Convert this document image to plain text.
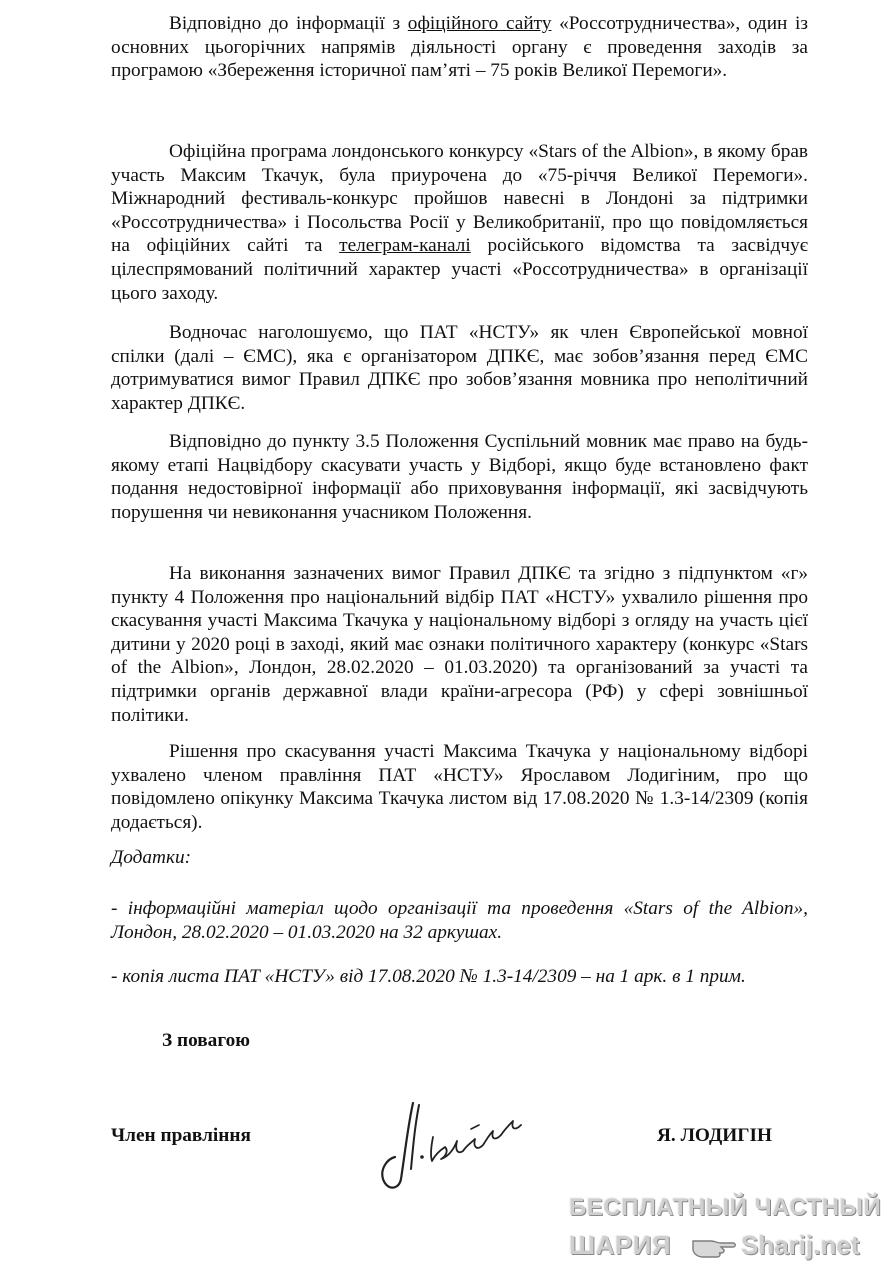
Відповідно до інформації з офіційного сайту «Россотрудничества», один із основних цьогорічних напрямів діяльності органу є проведення заходів за програмою «Збереження історичної пам’яті – 75 років Великої Перемоги».

Офіційна програма лондонського конкурсу «Stars of the Albion», в якому брав участь Максим Ткачук, була приурочена до «75-річчя Великої Перемоги». Міжнародний фестиваль-конкурс пройшов навесні в Лондоні за підтримки «Россотрудничества» і Посольства Росії у Великобританії, про що повідомляється на офіційних сайті та телеграм-каналі російського відомства та засвідчує цілеспрямований політичний характер участі «Россотрудничества» в організації цього заходу.

Водночас наголошуємо, що ПАТ «НСТУ» як член Європейської мовної спілки (далі – ЄМС), яка є організатором ДПКЄ, має зобов’язання перед ЄМС дотримуватися вимог Правил ДПКЄ про зобов’язання мовника про неполітичний характер ДПКЄ.

Відповідно до пункту 3.5 Положення Суспільний мовник має право на будь-якому етапі Нацвідбору скасувати участь у Відборі, якщо буде встановлено факт подання недостовірної інформації або приховування інформації, які засвідчують порушення чи невиконання учасником Положення.

На виконання зазначених вимог Правил ДПКЄ та згідно з підпунктом «г» пункту 4 Положення про національний відбір ПАТ «НСТУ» ухвалило рішення про скасування участі Максима Ткачука у національному відборі з огляду на участь цієї дитини у 2020 році в заході, який має ознаки політичного характеру (конкурс «Stars of the Albion», Лондон, 28.02.2020 – 01.03.2020) та організований за участі та підтримки органів державної влади країни-агресора (РФ) у сфері зовнішньої політики.

Рішення про скасування участі Максима Ткачука у національному відборі ухвалено членом правління ПАТ «НСТУ» Ярославом Лодигіним, про що повідомлено опікунку Максима Ткачука листом від 17.08.2020 № 1.3-14/2309 (копія додається).

Додатки:

- інформаційні матеріал щодо організації та проведення «Stars of the Albion», Лондон, 28.02.2020 – 01.03.2020 на 32 аркушах.

- копія листа ПАТ «НСТУ» від 17.08.2020 № 1.3-14/2309 – на 1 арк. в 1 прим.

З повагою

Член правління	Я. ЛОДИГІН

БЕСПЛАТНЫЙ ЧАСТНЫЙ
ШАРИЯ	Sharij.net
